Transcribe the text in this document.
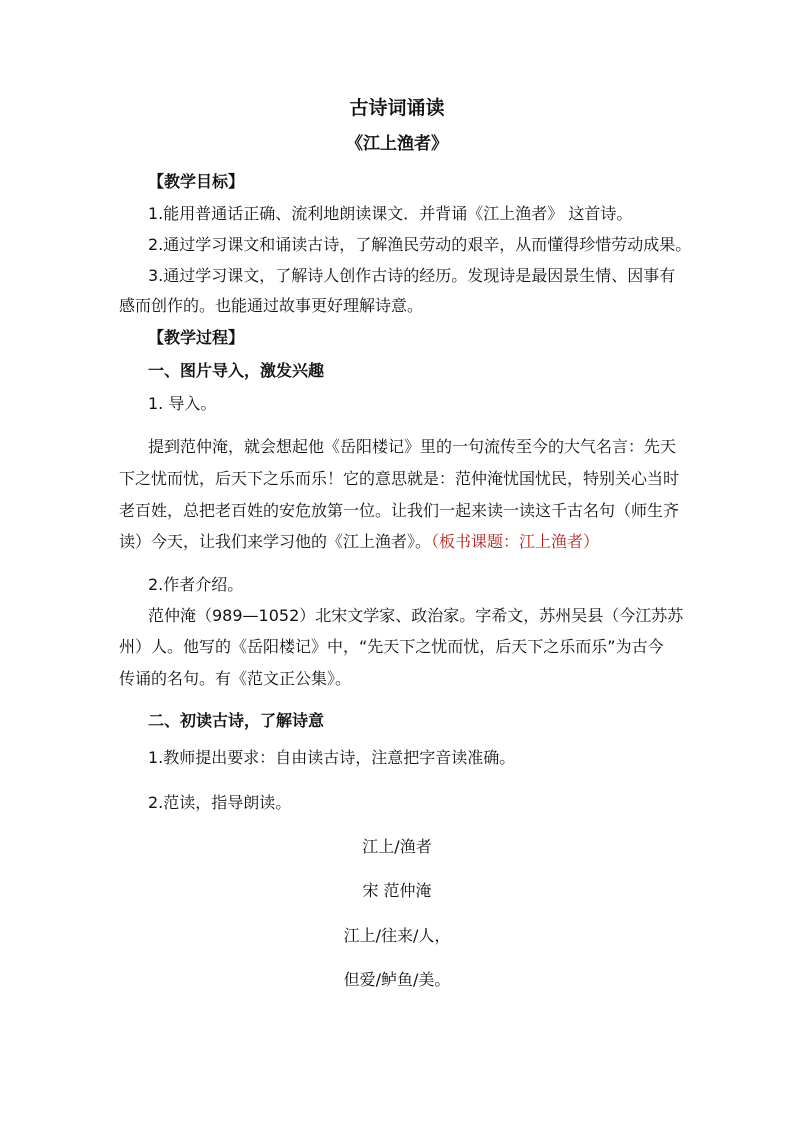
古诗词诵读
《江上渔者》
【教学目标】
1.能用普通话正确、流利地朗读课文．并背诵《江上渔者》 这首诗。
2.通过学习课文和诵读古诗，了解渔民劳动的艰辛，从而懂得珍惜劳动成果。
3.通过学习课文，了解诗人创作古诗的经历。发现诗是最因景生情、因事有
感而创作的。也能通过故事更好理解诗意。
【教学过程】
一、图片导入，激发兴趣
1. 导入。
提到范仲淹，就会想起他《岳阳楼记》里的一句流传至今的大气名言：先天
下之忧而忧，后天下之乐而乐！它的意思就是：范仲淹忧国忧民，特别关心当时
老百姓，总把老百姓的安危放第一位。让我们一起来读一读这千古名句（师生齐
读）今天，让我们来学习他的《江上渔者》。（板书课题：江上渔者）
2.作者介绍。
范仲淹（989—1052）北宋文学家、政治家。字希文，苏州吴县（今江苏苏
州）人。他写的《岳阳楼记》中，“先天下之忧而忧，后天下之乐而乐”为古今
传诵的名句。有《范文正公集》。
二、初读古诗，了解诗意
1.教师提出要求：自由读古诗，注意把字音读准确。
2.范读，指导朗读。
江上/渔者
宋 范仲淹
江上/往来/人，
但爱/鲈鱼/美。
